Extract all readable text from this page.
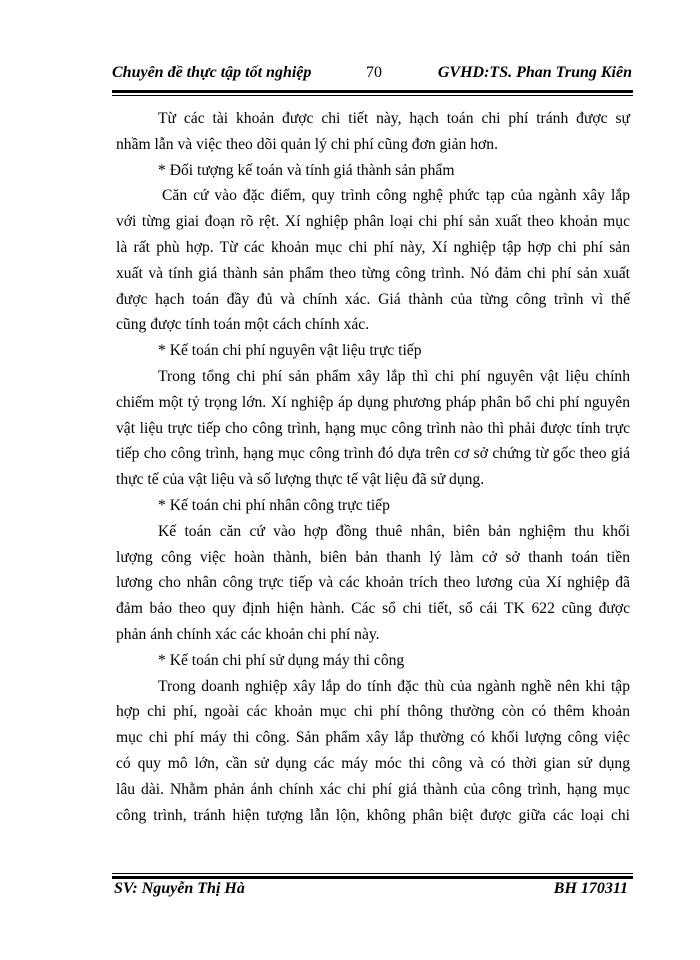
Chuyên đề thực tập tốt nghiệp	70	GVHD:TS. Phan Trung Kiên
Từ các tài khoản được chi tiết này, hạch toán chi phí tránh được sự
nhầm lẫn và việc theo dõi quản lý chi phí cũng đơn giản hơn.
* Đối tượng kế toán và tính giá thành sản phẩm
Căn cứ vào đặc điểm, quy trình công nghệ phức tạp của ngành xây lắp
với từng giai đoạn rõ rệt. Xí nghiệp phân loại chi phí sản xuất theo khoản mục
là rất phù hợp. Từ các khoản mục chi phí này, Xí nghiệp tập hợp chi phí sản
xuất và tính giá thành sản phẩm theo từng công trình. Nó đảm chi phí sản xuất
được hạch toán đầy đủ và chính xác. Giá thành của từng công trình vì thế
cũng được tính toán một cách chính xác.
* Kế toán chi phí nguyên vật liệu trực tiếp
Trong tổng chi phí sản phẩm xây lắp thì chi phí nguyên vật liệu chính
chiếm một tỷ trọng lớn. Xí nghiệp áp dụng phương pháp phân bổ chi phí nguyên
vật liệu trực tiếp cho công trình, hạng mục công trình nào thì phải được tính trực
tiếp cho công trình, hạng mục công trình đó dựa trên cơ sở chứng từ gốc theo giá
thực tế của vật liệu và số lượng thực tế vật liệu đã sử dụng.
* Kế toán chi phí nhân công trực tiếp
Kế toán căn cứ vào hợp đồng thuê nhân, biên bản nghiệm thu khối
lượng công việc hoàn thành, biên bản thanh lý làm cở sở thanh toán tiền
lương cho nhân công trực tiếp và các khoản trích theo lương của Xí nghiệp đã
đảm bảo theo quy định hiện hành. Các sổ chi tiết, sổ cái TK 622 cũng được
phản ánh chính xác các khoản chi phí này.
* Kế toán chi phí sử dụng máy thi công
Trong doanh nghiệp xây lắp do tính đặc thù của ngành nghề nên khi tập
hợp chi phí, ngoài các khoản mục chi phí thông thường còn có thêm khoản
mục chi phí máy thi công. Sản phẩm xây lắp thường có khối lượng công việc
có quy mô lớn, cần sử dụng các máy móc thi công và có thời gian sử dụng
lâu dài. Nhằm phản ánh chính xác chi phí giá thành của công trình, hạng mục
công trình, tránh hiện tượng lẫn lộn, không phân biệt được giữa các loại chi
SV: Nguyễn Thị Hà	BH 170311
